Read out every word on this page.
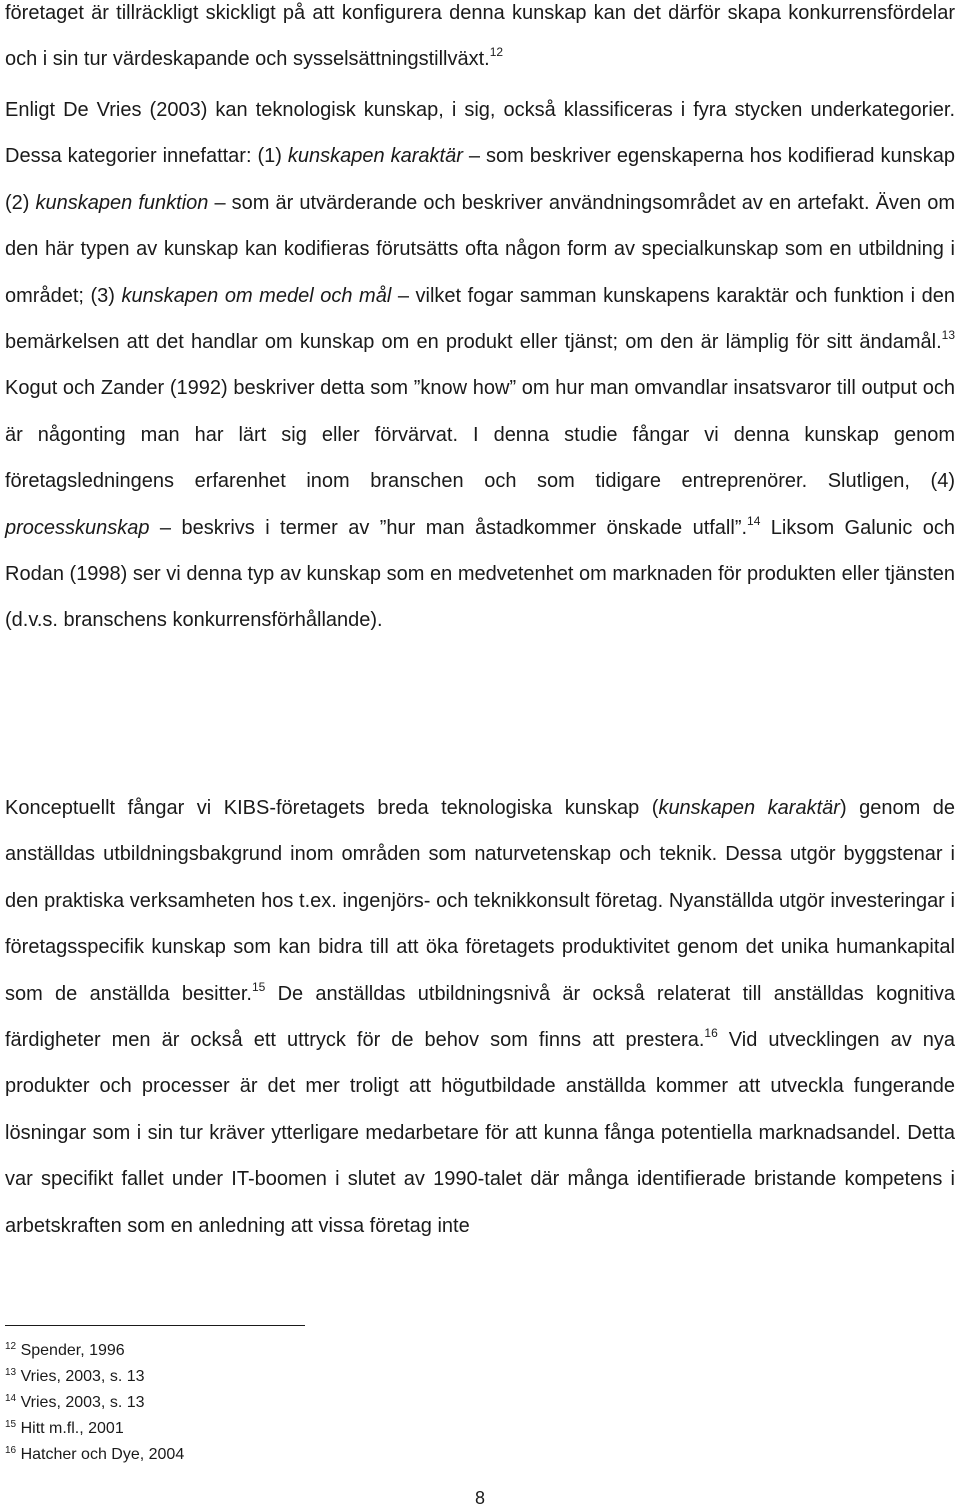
företaget är tillräckligt skickligt på att konfigurera denna kunskap kan det därför skapa konkurrensfördelar och i sin tur värdeskapande och sysselsättningstillväxt.$^{12}$

Enligt De Vries (2003) kan teknologisk kunskap, i sig, också klassificeras i fyra stycken underkategorier. Dessa kategorier innefattar: (1) kunskapen karaktär – som beskriver egenskaperna hos kodifierad kunskap (2) kunskapen funktion – som är utvärderande och beskriver användningsområdet av en artefakt. Även om den här typen av kunskap kan kodifieras förutsätts ofta någon form av specialkunskap som en utbildning i området; (3) kunskapen om medel och mål – vilket fogar samman kunskapens karaktär och funktion i den bemärkelsen att det handlar om kunskap om en produkt eller tjänst; om den är lämplig för sitt ändamål.$^{13}$ Kogut och Zander (1992) beskriver detta som ”know how” om hur man omvandlar insatsvaror till output och är någonting man har lärt sig eller förvärvat. I denna studie fångar vi denna kunskap genom företagsledningens erfarenhet inom branschen och som tidigare entreprenörer. Slutligen, (4) processkunskap – beskrivs i termer av ”hur man åstadkommer önskade utfall”.$^{14}$ Liksom Galunic och Rodan (1998) ser vi denna typ av kunskap som en medvetenhet om marknaden för produkten eller tjänsten (d.v.s. branschens konkurrensförhållande).

Konceptuellt fångar vi KIBS-företagets breda teknologiska kunskap (kunskapen karaktär) genom de anställdas utbildningsbakgrund inom områden som naturvetenskap och teknik. Dessa utgör byggstenar i den praktiska verksamheten hos t.ex. ingenjörs- och teknikkonsult företag. Nyanställda utgör investeringar i företagsspecifik kunskap som kan bidra till att öka företagets produktivitet genom det unika humankapital som de anställda besitter.$^{15}$ De anställdas utbildningsnivå är också relaterat till anställdas kognitiva färdigheter men är också ett uttryck för de behov som finns att prestera.$^{16}$ Vid utvecklingen av nya produkter och processer är det mer troligt att högutbildade anställda kommer att utveckla fungerande lösningar som i sin tur kräver ytterligare medarbetare för att kunna fånga potentiella marknadsandel. Detta var specifikt fallet under IT-boomen i slutet av 1990-talet där många identifierade bristande kompetens i arbetskraften som en anledning att vissa företag inte

$^{12}$ Spender, 1996
$^{13}$ Vries, 2003, s. 13
$^{14}$ Vries, 2003, s. 13
$^{15}$ Hitt m.fl., 2001
$^{16}$ Hatcher och Dye, 2004
8
